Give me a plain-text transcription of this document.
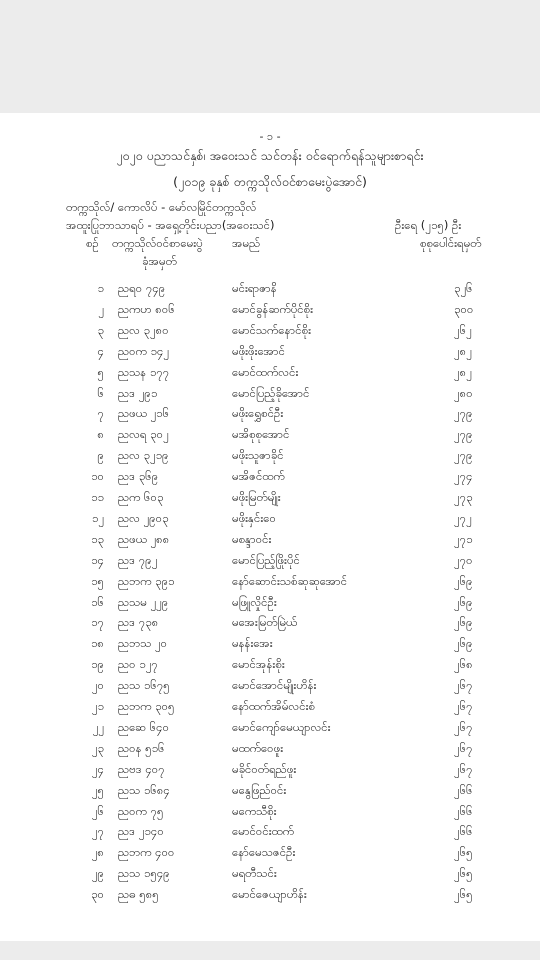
- ၁ -
၂၀၂၀ ပညာသင်နှစ်၊ အဝေးသင် သင်တန်း ဝင်ရောက်ရန်သူများစာရင်း
(၂၀၁၉ ခုနှစ် တက္ကသိုလ်ဝင်စာမေးပွဲအောင်)
တက္ကသိုလ်/ ကောလိပ် - မော်လမြိုင်တက္ကသိုလ်
အထူးပြုဘာသာရပ် - အရှေ့တိုင်းပညာ(အဝေးသင်)	ဦးရေ (၂၁၅) ဦး
စဉ် တက္ကသိုလ်ဝင်စာမေးပွဲ
ခုံအမှတ်
အမည်	စုစုပေါင်းရမှတ်
၁ ညရ၀ ၇၄၉	မင်းရာဇာနိ	၃၂၆
၂ ညကဟ ၈၀၆	မောင်ခွန်ဆက်ပိုင်စိုး	၃၀၀
၃ ညလ ၃၂၈၀	မောင်သက်နောင်စိုး	၂၆၂
၄ ညဝက ၁၄၂	မဖိုးဖိုးအောင်	၂၈၂
၅ ညသန ၁၇၇	မောင်ထက်လင်း	၂၈၂
၆ ညဒ ၂၉၁	မောင်ပြည့်ခိုအောင်	၂၈၀
၇ ညဖယ ၂၁၆	မဖိုးရွှေစင်ဦး	၂၇၉
၈ ညလရ ၃၀၂	မအိစုစုအောင်	၂၇၉
၉ ညလ ၃၂၁၉	မဖိုးသူဇာခိုင်	၂၇၉
၁၀ ညဒ ၃၆၉	မအိဇင်ထက်	၂၇၄
၁၁ ညက ၆၀၃	မဖိုးမြတ်မျိုး	၂၇၃
၁၂ ညလ ၂၉၀၃	မဖိုးနှင်းဝေ	၂၇၂
၁၃ ညဖယ ၂၈၈	မစန္ဒာဝင်း	၂၇၁
၁၄ ညဒ ၇၉၂	မောင်ပြည့်ဖြိုးပိုင်	၂၇၀
၁၅ ညဘက ၃၉၁	နော်ဆောင်းသစ်ဆုဆုအောင်	၂၆၉
၁၆ ညသမ ၂၂၉	မဖြူလှိုင်ဦး	၂၆၉
၁၇ ညဒ ၇၃၈	မအေးမြတ်မြဲယ်	၂၆၉
၁၈ ညဘသ ၂၀	မနန်းအေး	၂၆၉
၁၉ ညဝ ၁၂၇	မောင်အုန်းစိုး	၂၆၈
၂၀ ညသ ၁၆၇၅	မောင်အောင်မျိုးဟိန်း	၂၆၇
၂၁ ညဘက ၃၀၅	နော်ထက်အိမ်လင်းစံ	၂၆၇
၂၂ ညဆေ ၆၄၀	မောင်ကျော်မေယျာလင်း	၂၆၇
၂၃ ညဝန ၅၁၆	မထက်ဝေဖူး	၂၆၇
၂၄ ညဗဒ ၄၀၇	မခိုင်ဝတ်ရည်ဖူး	၂၆၇
၂၅ ညသ ၁၆၈၄	မနွေဖြည်ဝင်း	၂၆၆
၂၆ ညဝက ၇၅	မကေသီစိုး	၂၆၆
၂၇ ညဒ ၂၁၄၀	မောင်ဝင်းထက်	၂၆၆
၂၈ ညဘက ၄၀၀	နော်မေသဇင်ဦး	၂၆၅
၂၉ ညသ ၁၅၄၉	မရတီသင်း	၂၆၅
၃၀ ညဓ ၅၈၅	မောင်ဇေယျာဟိန်း	၂၆၅
